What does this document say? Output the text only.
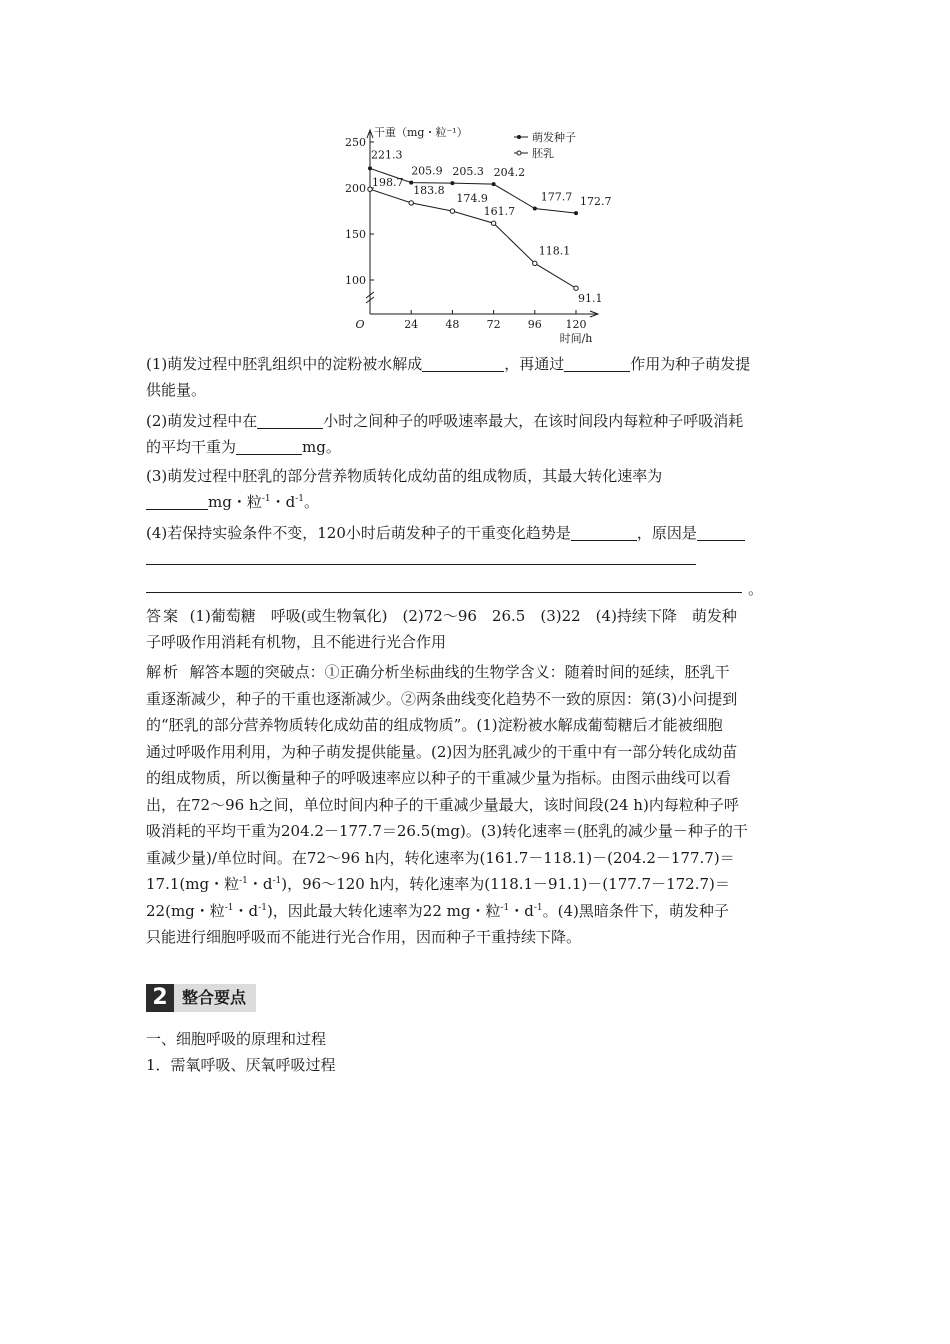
250
200
150
100
24 48 72 96 120
O
时间/h
干重（mg・粒⁻¹）	萌发种子
胚乳
221.3
205.9 205.3 204.2
177.7 172.7
198.7
183.8
174.9
161.7
118.1
91.1
(1)萌发过程中胚乳组织中的淀粉被水解成	，再通过	作用为种子萌发提
供能量。
(2)萌发过程中在	小时之间种子的呼吸速率最大，在该时间段内每粒种子呼吸消耗
的平均干重为	mg。
(3)萌发过程中胚乳的部分营养物质转化成幼苗的组成物质，其最大转化速率为
mg・粒$^{-1}$・$d^{-1}$。
(4)若保持实验条件不变，120小时后萌发种子的干重变化趋势是	，原因是
。
答案 (1)葡萄糖　呼吸(或生物氧化)　(2)72～96　26.5　(3)22　(4)持续下降　萌发种
子呼吸作用消耗有机物，且不能进行光合作用
解析 解答本题的突破点：①正确分析坐标曲线的生物学含义：随着时间的延续，胚乳干
重逐渐减少，种子的干重也逐渐减少。②两条曲线变化趋势不一致的原因：第(3)小问提到
的“胚乳的部分营养物质转化成幼苗的组成物质”。(1)淀粉被水解成葡萄糖后才能被细胞
通过呼吸作用利用，为种子萌发提供能量。(2)因为胚乳减少的干重中有一部分转化成幼苗
的组成物质，所以衡量种子的呼吸速率应以种子的干重减少量为指标。由图示曲线可以看
出，在72～96 h之间，单位时间内种子的干重减少量最大，该时间段(24 h)内每粒种子呼
吸消耗的平均干重为204.2－177.7＝26.5(mg)。(3)转化速率＝(胚乳的减少量－种子的干
重减少量)/单位时间。在72～96 h内，转化速率为(161.7－118.1)－(204.2－177.7)＝
17.1(mg・粒$^{-1}$・$d^{-1}$)，96～120 h内，转化速率为(118.1－91.1)－(177.7－172.7)＝
22(mg・粒$^{-1}$・$d^{-1}$)，因此最大转化速率为22 mg・粒$^{-1}$・$d^{-1}$。(4)黑暗条件下，萌发种子
只能进行细胞呼吸而不能进行光合作用，因而种子干重持续下降。
2 整合要点
一、细胞呼吸的原理和过程
1．需氧呼吸、厌氧呼吸过程
